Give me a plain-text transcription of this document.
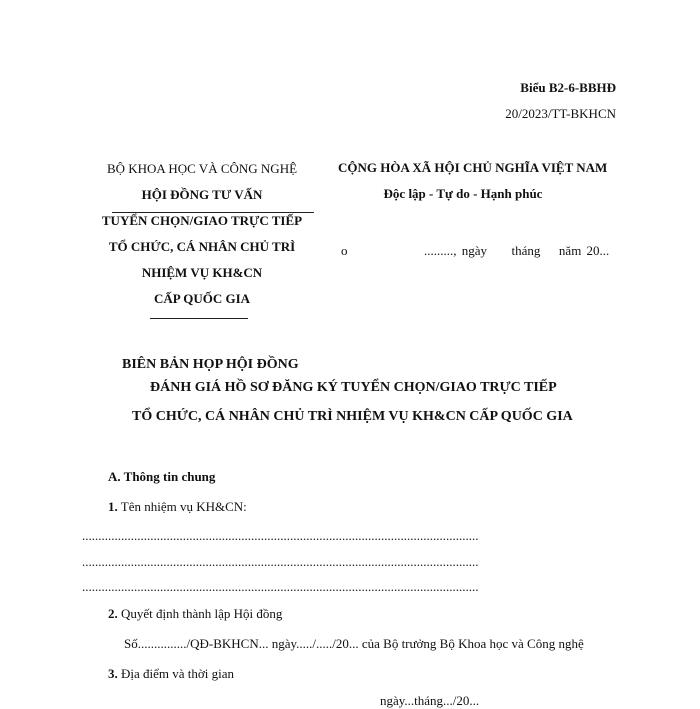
Biểu B2-6-BBHĐ
20/2023/TT-BKHCN
BỘ KHOA HỌC VÀ CÔNG NGHỆ
HỘI ĐỒNG TƯ VẤN
TUYỂN CHỌN/GIAO TRỰC TIẾP
TỔ CHỨC, CÁ NHÂN CHỦ TRÌ
NHIỆM VỤ KH&CN
CẤP QUỐC GIA
CỘNG HÒA XÃ HỘI CHỦ NGHĨA VIỆT NAM
Độc lập - Tự do - Hạnh phúc
o	........., ngày tháng năm 20...
BIÊN BẢN HỌP HỘI ĐỒNG
ĐÁNH GIÁ HỒ SƠ ĐĂNG KÝ TUYỂN CHỌN/GIAO TRỰC TIẾP
TỔ CHỨC, CÁ NHÂN CHỦ TRÌ NHIỆM VỤ KH&CN CẤP QUỐC GIA
A. Thông tin chung
1. Tên nhiệm vụ KH&CN:
..........................................................................................................................
..........................................................................................................................
..........................................................................................................................
2. Quyết định thành lập Hội đồng
Số.............../QĐ-BKHCN... ngày...../...../20... của Bộ trưởng Bộ Khoa học và Công nghệ
3. Địa điểm và thời gian
ngày...tháng.../20...
